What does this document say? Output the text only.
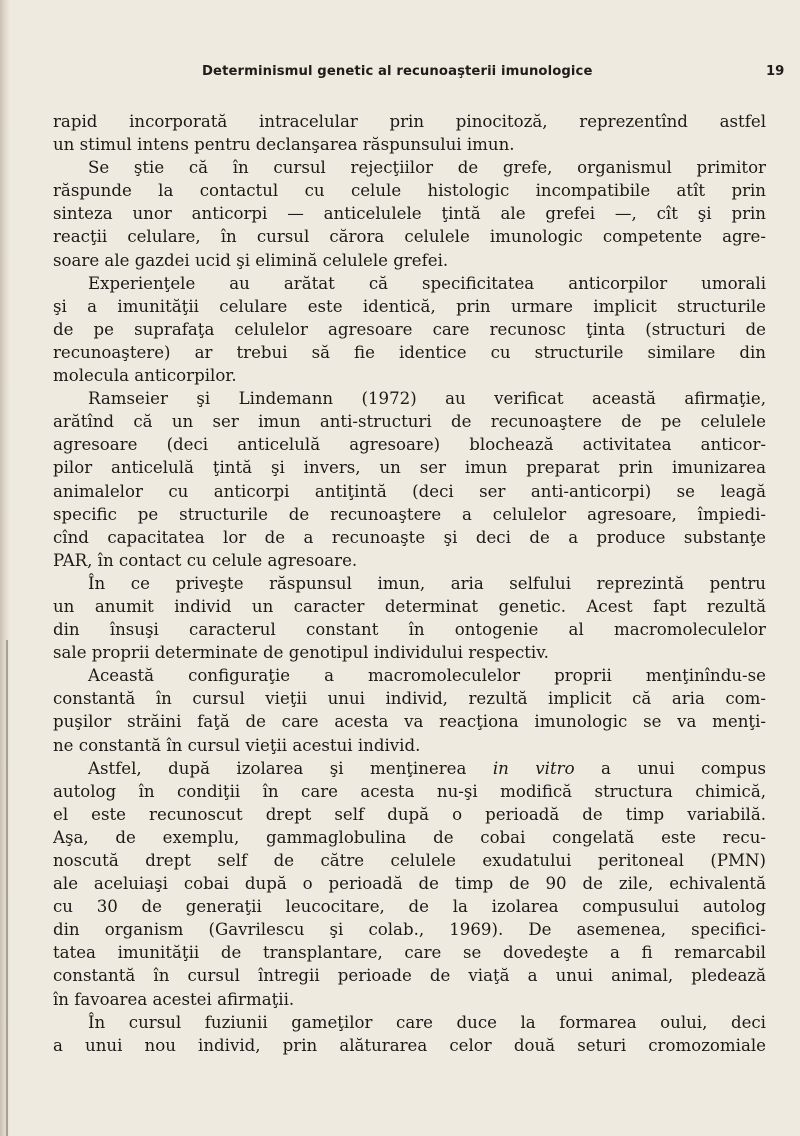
Determinismul genetic al recunoaşterii imunologice	19
rapid incorporată intracelular prin pinocitoză, reprezentînd astfel
un stimul intens pentru declanşarea răspunsului imun.
Se ştie că în cursul rejecţiilor de grefe, organismul primitor
răspunde la contactul cu celule histologic incompatibile atît prin
sinteza unor anticorpi — anticelulele ţintă ale grefei —, cît şi prin
reacţii celulare, în cursul cărora celulele imunologic competente agre-
soare ale gazdei ucid şi elimină celulele grefei.
Experienţele au arătat că specificitatea anticorpilor umorali
şi a imunităţii celulare este identică, prin urmare implicit structurile
de pe suprafaţa celulelor agresoare care recunosc ţinta (structuri de
recunoaştere) ar trebui să fie identice cu structurile similare din
molecula anticorpilor.
Ramseier şi Lindemann (1972) au verificat această afirmaţie,
arătînd că un ser imun anti-structuri de recunoaştere de pe celulele
agresoare (deci anticelulă agresoare) blochează activitatea anticor-
pilor anticelulă ţintă şi invers, un ser imun preparat prin imunizarea
animalelor cu anticorpi antiţintă (deci ser anti-anticorpi) se leagă
specific pe structurile de recunoaştere a celulelor agresoare, împiedi-
cînd capacitatea lor de a recunoaşte şi deci de a produce substanţe
PAR, în contact cu celule agresoare.
În ce priveşte răspunsul imun, aria selfului reprezintă pentru
un anumit individ un caracter determinat genetic. Acest fapt rezultă
din însuşi caracterul constant în ontogenie al macromoleculelor
sale proprii determinate de genotipul individului respectiv.
Această configuraţie a macromoleculelor proprii menţinîndu-se
constantă în cursul vieţii unui individ, rezultă implicit că aria com-
puşilor străini faţă de care acesta va reacţiona imunologic se va menţi-
ne constantă în cursul vieţii acestui individ.
Astfel, după izolarea şi menţinerea in vitro a unui compus
autolog în condiţii în care acesta nu-şi modifică structura chimică,
el este recunoscut drept self după o perioadă de timp variabilă.
Aşa, de exemplu, gammaglobulina de cobai congelată este recu-
noscută drept self de către celulele exudatului peritoneal (PMN)
ale aceluiaşi cobai după o perioadă de timp de 90 de zile, echivalentă
cu 30 de generaţii leucocitare, de la izolarea compusului autolog
din organism (Gavrilescu şi colab., 1969). De asemenea, specifici-
tatea imunităţii de transplantare, care se dovedeşte a fi remarcabil
constantă în cursul întregii perioade de viaţă a unui animal, pledează
în favoarea acestei afirmaţii.
În cursul fuziunii gameţilor care duce la formarea oului, deci
a unui nou individ, prin alăturarea celor două seturi cromozomiale
